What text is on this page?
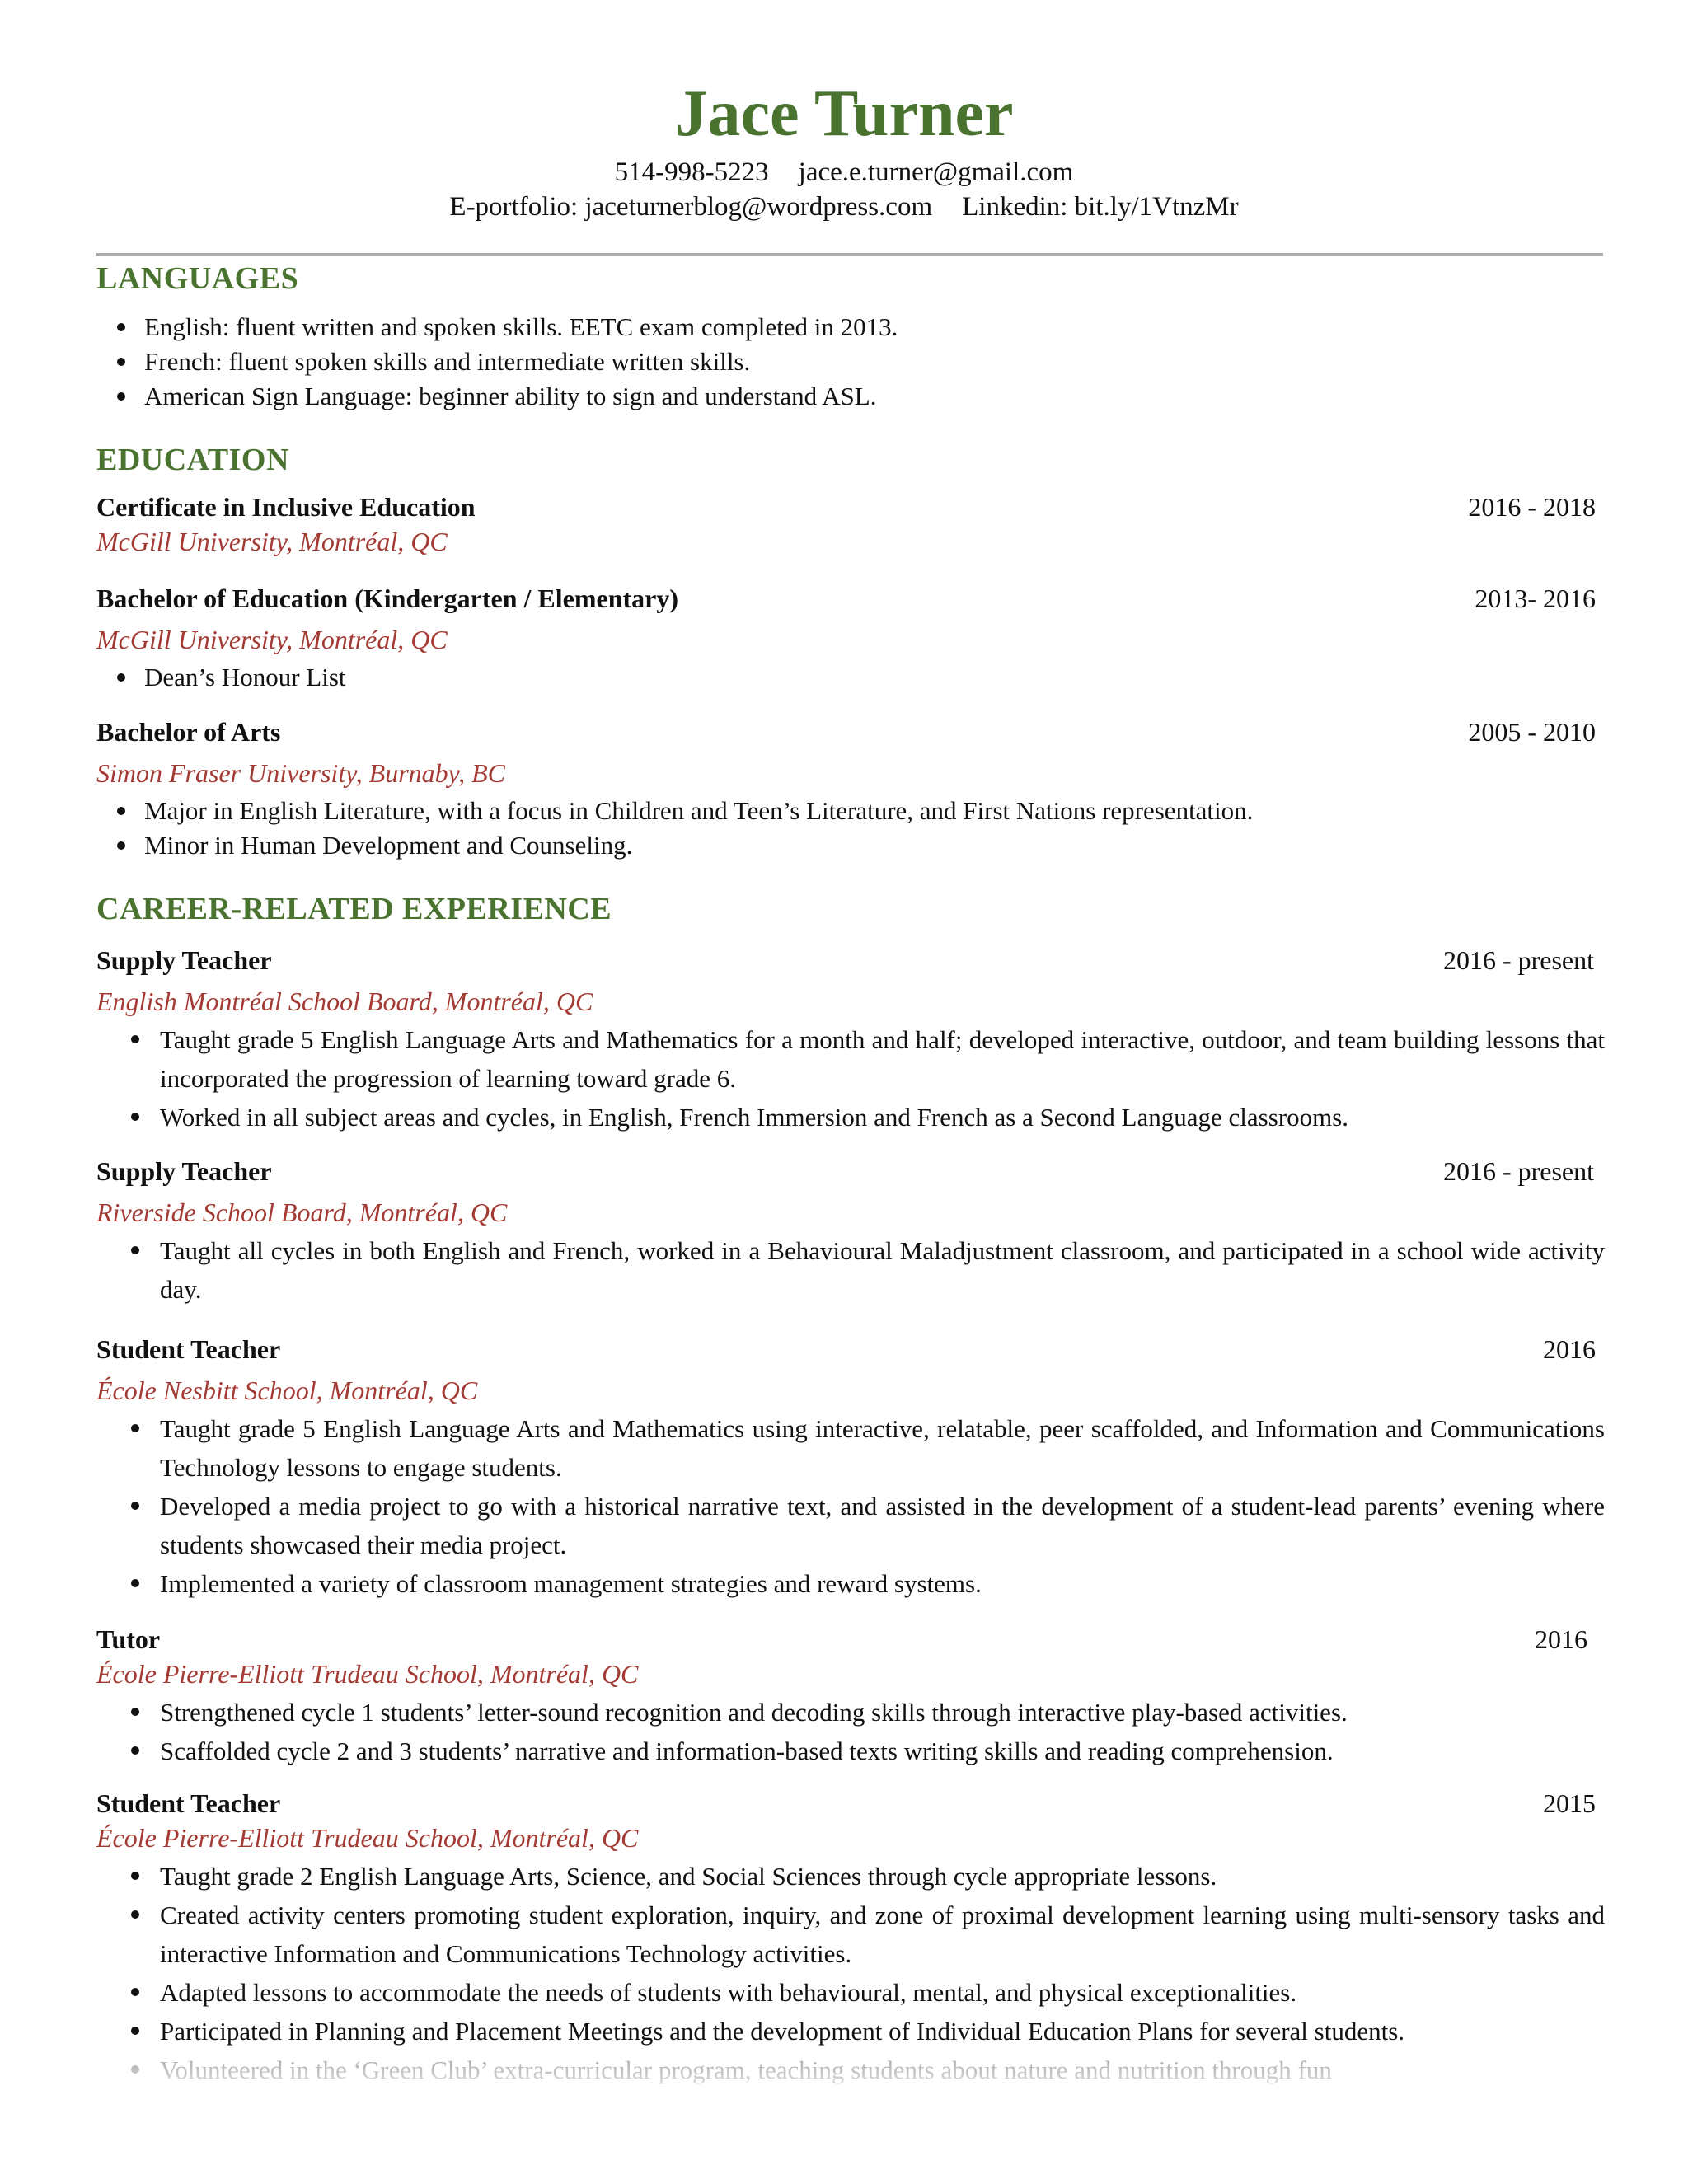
Jace Turner
514-998-5223 jace.e.turner@gmail.com
E-portfolio: jaceturnerblog@wordpress.com Linkedin: bit.ly/1VtnzMr
LANGUAGES
English: fluent written and spoken skills. EETC exam completed in 2013.
French: fluent spoken skills and intermediate written skills.
American Sign Language: beginner ability to sign and understand ASL.
EDUCATION
Certificate in Inclusive Education	2016 - 2018
McGill University, Montréal, QC
Bachelor of Education (Kindergarten / Elementary)	2013- 2016
McGill University, Montréal, QC
Dean’s Honour List
Bachelor of Arts	2005 - 2010
Simon Fraser University, Burnaby, BC
Major in English Literature, with a focus in Children and Teen’s Literature, and First Nations representation.
Minor in Human Development and Counseling.
CAREER-RELATED EXPERIENCE
Supply Teacher	2016 - present
English Montréal School Board, Montréal, QC
Taught grade 5 English Language Arts and Mathematics for a month and half; developed interactive, outdoor, and team building lessons that incorporated the progression of learning toward grade 6.
Worked in all subject areas and cycles, in English, French Immersion and French as a Second Language classrooms.
Supply Teacher	2016 - present
Riverside School Board, Montréal, QC
Taught all cycles in both English and French, worked in a Behavioural Maladjustment classroom, and participated in a school wide activity day.
Student Teacher	2016
École Nesbitt School, Montréal, QC
Taught grade 5 English Language Arts and Mathematics using interactive, relatable, peer scaffolded, and Information and Communications Technology lessons to engage students.
Developed a media project to go with a historical narrative text, and assisted in the development of a student-lead parents’ evening where students showcased their media project.
Implemented a variety of classroom management strategies and reward systems.
Tutor	2016
École Pierre-Elliott Trudeau School, Montréal, QC
Strengthened cycle 1 students’ letter-sound recognition and decoding skills through interactive play-based activities.
Scaffolded cycle 2 and 3 students’ narrative and information-based texts writing skills and reading comprehension.
Student Teacher	2015
École Pierre-Elliott Trudeau School, Montréal, QC
Taught grade 2 English Language Arts, Science, and Social Sciences through cycle appropriate lessons.
Created activity centers promoting student exploration, inquiry, and zone of proximal development learning using multi-sensory tasks and interactive Information and Communications Technology activities.
Adapted lessons to accommodate the needs of students with behavioural, mental, and physical exceptionalities.
Participated in Planning and Placement Meetings and the development of Individual Education Plans for several students.
